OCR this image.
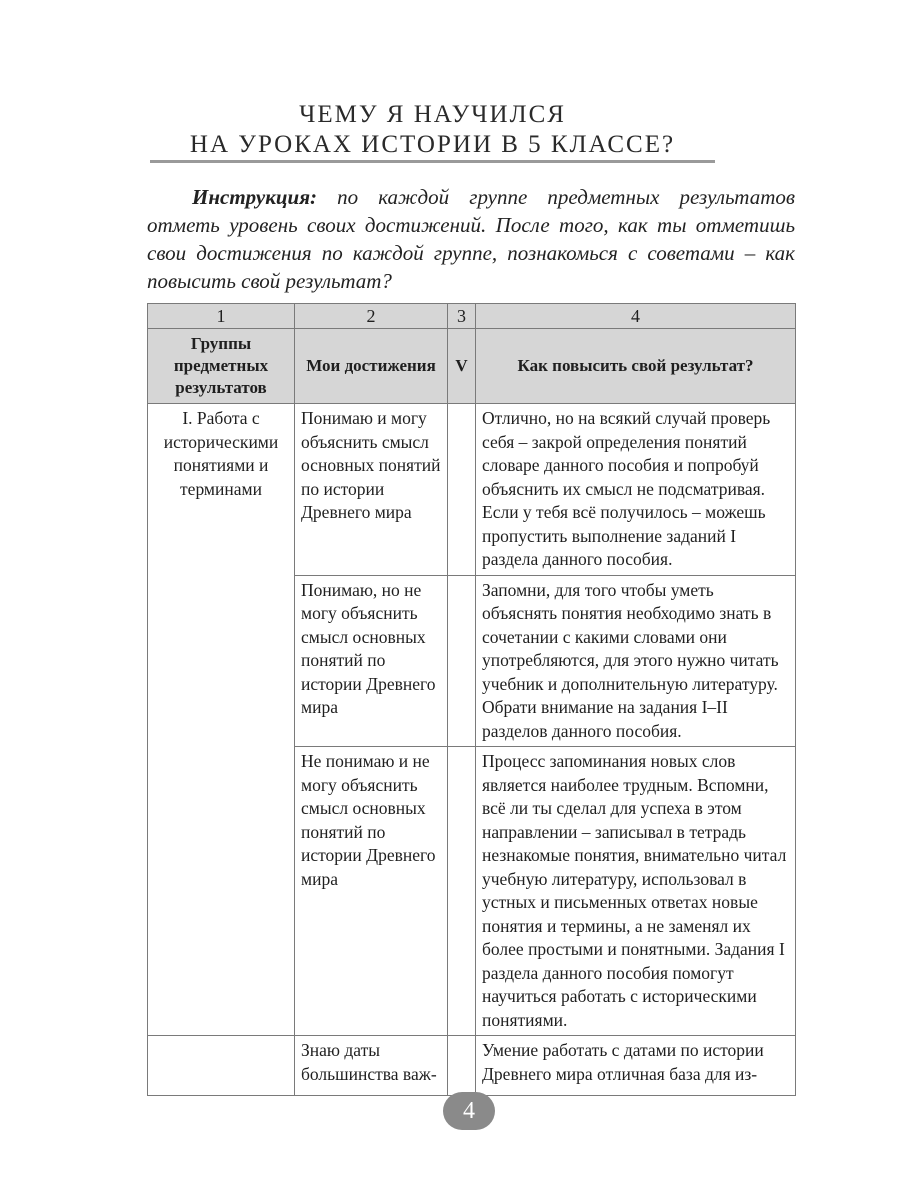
ЧЕМУ Я НАУЧИЛСЯ
НА УРОКАХ ИСТОРИИ В 5 КЛАССЕ?
Инструкция: по каждой группе предметных результатов отметь уровень своих достижений. После того, как ты отметишь свои достижения по каждой группе, познакомься с советами – как повысить свой результат?
1	2	3	4
Группы предметных результатов	Мои достижения	V	Как повысить свой результат?
I. Работа с историческими понятиями и терминами	Понимаю и могу объяснить смысл основных понятий по истории Древнего мира		Отлично, но на всякий случай проверь себя – закрой определения понятий словаре данного пособия и попробуй объяснить их смысл не подсматривая. Если у тебя всё получилось – можешь пропустить выполнение заданий I раздела данного пособия.
	Понимаю, но не могу объяснить смысл основных понятий по истории Древнего мира		Запомни, для того чтобы уметь объяснять понятия необходимо знать в сочетании с какими словами они употребляются, для этого нужно читать учебник и дополнительную литературу. Обрати внимание на задания I–II разделов данного пособия.
	Не понимаю и не могу объяснить смысл основных понятий по истории Древнего мира		Процесс запоминания новых слов является наиболее трудным. Вспомни, всё ли ты сделал для успеха в этом направлении – записывал в тетрадь незнакомые понятия, внимательно читал учебную литературу, использовал в устных и письменных ответах новые понятия и термины, а не заменял их более простыми и понятными. Задания I раздела данного пособия помогут научиться работать с историческими понятиями.
	Знаю даты большинства важ-		Умение работать с датами по истории Древнего мира отличная база для из-
4
